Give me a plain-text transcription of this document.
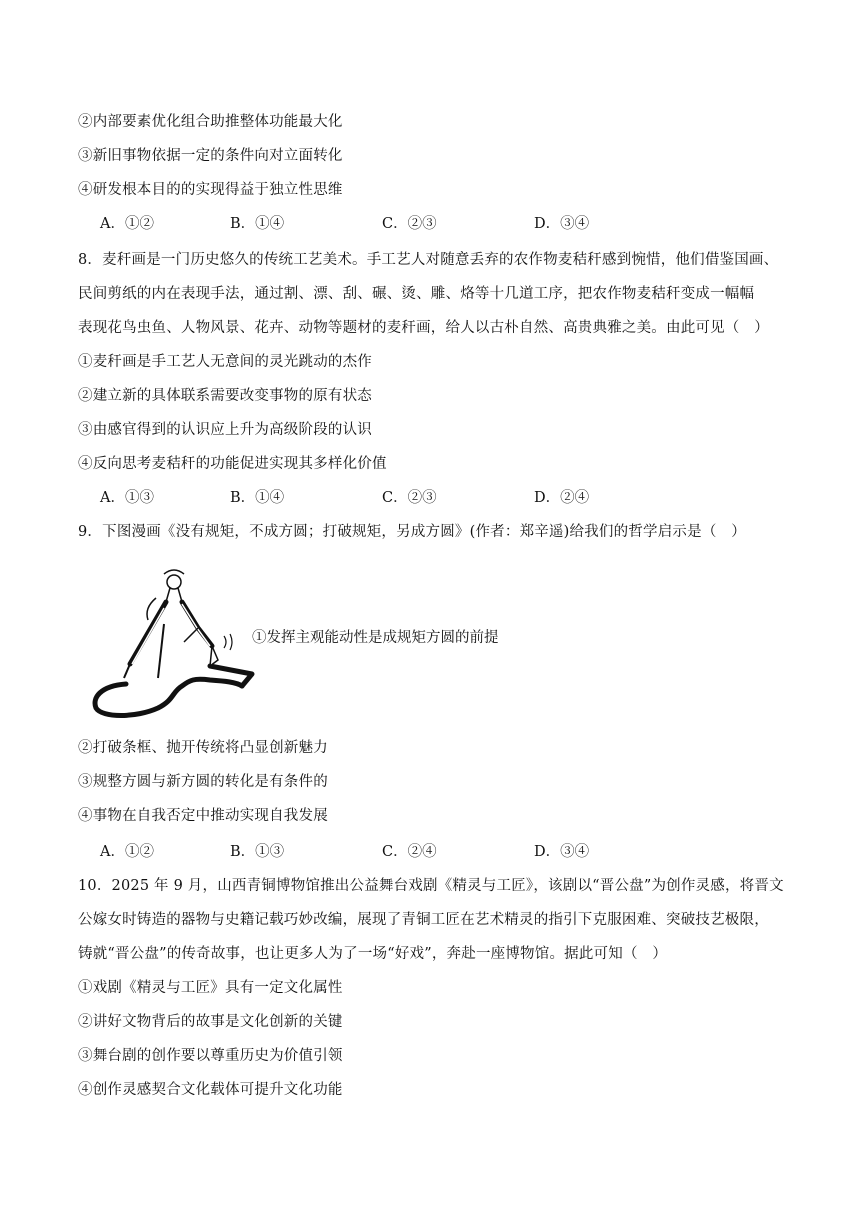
②内部要素优化组合助推整体功能最大化
③新旧事物依据一定的条件向对立面转化
④研发根本目的的实现得益于独立性思维
A．①②	B．①④	C．②③	D．③④
8．麦秆画是一门历史悠久的传统工艺美术。手工艺人对随意丢弃的农作物麦秸秆感到惋惜，他们借鉴国画、
民间剪纸的内在表现手法，通过割、漂、刮、碾、烫、雕、烙等十几道工序，把农作物麦秸秆变成一幅幅
表现花鸟虫鱼、人物风景、花卉、动物等题材的麦秆画，给人以古朴自然、高贵典雅之美。由此可见（　）
①麦秆画是手工艺人无意间的灵光跳动的杰作
②建立新的具体联系需要改变事物的原有状态
③由感官得到的认识应上升为高级阶段的认识
④反向思考麦秸秆的功能促进实现其多样化价值
A．①③	B．①④	C．②③	D．②④
9．下图漫画《没有规矩，不成方圆；打破规矩，另成方圆》(作者：郑辛遥)给我们的哲学启示是（　）
①发挥主观能动性是成规矩方圆的前提
②打破条框、抛开传统将凸显创新魅力
③规整方圆与新方圆的转化是有条件的
④事物在自我否定中推动实现自我发展
A．①②	B．①③	C．②④	D．③④
10．2025 年 9 月，山西青铜博物馆推出公益舞台戏剧《精灵与工匠》，该剧以“晋公盘”为创作灵感，将晋文
公嫁女时铸造的器物与史籍记载巧妙改编，展现了青铜工匠在艺术精灵的指引下克服困难、突破技艺极限，
铸就“晋公盘”的传奇故事，也让更多人为了一场“好戏”，奔赴一座博物馆。据此可知（　）
①戏剧《精灵与工匠》具有一定文化属性
②讲好文物背后的故事是文化创新的关键
③舞台剧的创作要以尊重历史为价值引领
④创作灵感契合文化载体可提升文化功能
